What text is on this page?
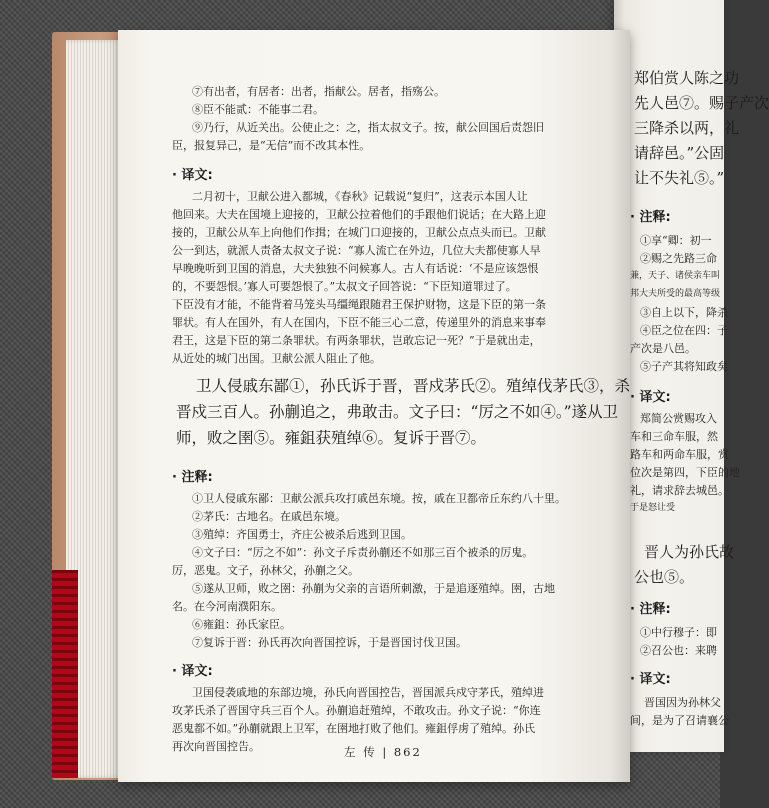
郑伯赏人陈之功
先人邑⑦。赐子产次
三降杀以两，礼
请辞邑。”公固
让不失礼⑤。”
· 注释:
①享“卿：初一
②赐之先路三命
兼，天子、诸侯亲车叫
邦大夫所受的最高等级
③自上以下，降杀
④臣之位在四：子
产次是八邑。
⑤子产其将知政矣
· 译文:
郑简公赏赐攻入
车和三命车服，然
路车和两命车服，赏
位次是第四，下臣的地
礼，请求辞去城邑。
于是怒让受
晋人为孙氏故
公也⑤。
· 注释:
①中行穆子：即
②召公也：来聘
· 译文:
晋国因为孙林父
间，是为了召请襄公
⑦有出者，有居者：出者，指献公。居者，指殇公。
⑧臣不能贰：不能事二君。
⑨乃行，从近关出。公使止之：之，指太叔文子。按，献公回国后责怨旧
臣，报复异己，是“无信”而不改其本性。
· 译文:
二月初十，卫献公进入都城，《春秋》记载说“复归”，这表示本国人让
他回来。大夫在国境上迎接的，卫献公拉着他们的手跟他们说话；在大路上迎
接的，卫献公从车上向他们作揖；在城门口迎接的，卫献公点点头而已。卫献
公一到达，就派人责备太叔文子说：“寡人流亡在外边，几位大夫都使寡人早
早晚晚听到卫国的消息，大夫独独不问候寡人。古人有话说：‘不是应该怨恨
的，不要怨恨。’寡人可要怨恨了。”太叔文子回答说：“下臣知道罪过了。
下臣没有才能，不能背着马笼头马缰绳跟随君王保护财物，这是下臣的第一条
罪状。有人在国外，有人在国内，下臣不能三心二意，传递里外的消息来事奉
君王，这是下臣的第二条罪状。有两条罪状，岂敢忘记一死？”于是就出走，
从近处的城门出国。卫献公派人阻止了他。
卫人侵戚东鄙①，孙氏诉于晋，晋戍茅氏②。殖绰伐茅氏③，杀
晋戍三百人。孙蒯追之，弗敢击。文子曰：“厉之不如④。”遂从卫
师，败之圉⑤。雍鉏获殖绰⑥。复诉于晋⑦。
· 注释:
①卫人侵戚东鄙：卫献公派兵攻打戚邑东境。按，戚在卫都帝丘东约八十里。
②茅氏：古地名。在戚邑东境。
③殖绰：齐国勇士，齐庄公被杀后逃到卫国。
④文子曰：“厉之不如”：孙文子斥责孙蒯还不如那三百个被杀的厉鬼。
厉，恶鬼。文子，孙林父，孙蒯之父。
⑤遂从卫师，败之圉：孙蒯为父亲的言语所刺激，于是追逐殖绰。圉，古地
名。在今河南濮阳东。
⑥雍鉏：孙氏家臣。
⑦复诉于晋：孙氏再次向晋国控诉，于是晋国讨伐卫国。
· 译文:
卫国侵袭戚地的东部边境，孙氏向晋国控告，晋国派兵戍守茅氏，殖绰进
攻茅氏杀了晋国守兵三百个人。孙蒯追赶殖绰，不敢攻击。孙文子说：“你连
恶鬼都不如。”孙蒯就跟上卫军，在圉地打败了他们。雍鉏俘虏了殖绰。孙氏
再次向晋国控告。	左 传 | 862
